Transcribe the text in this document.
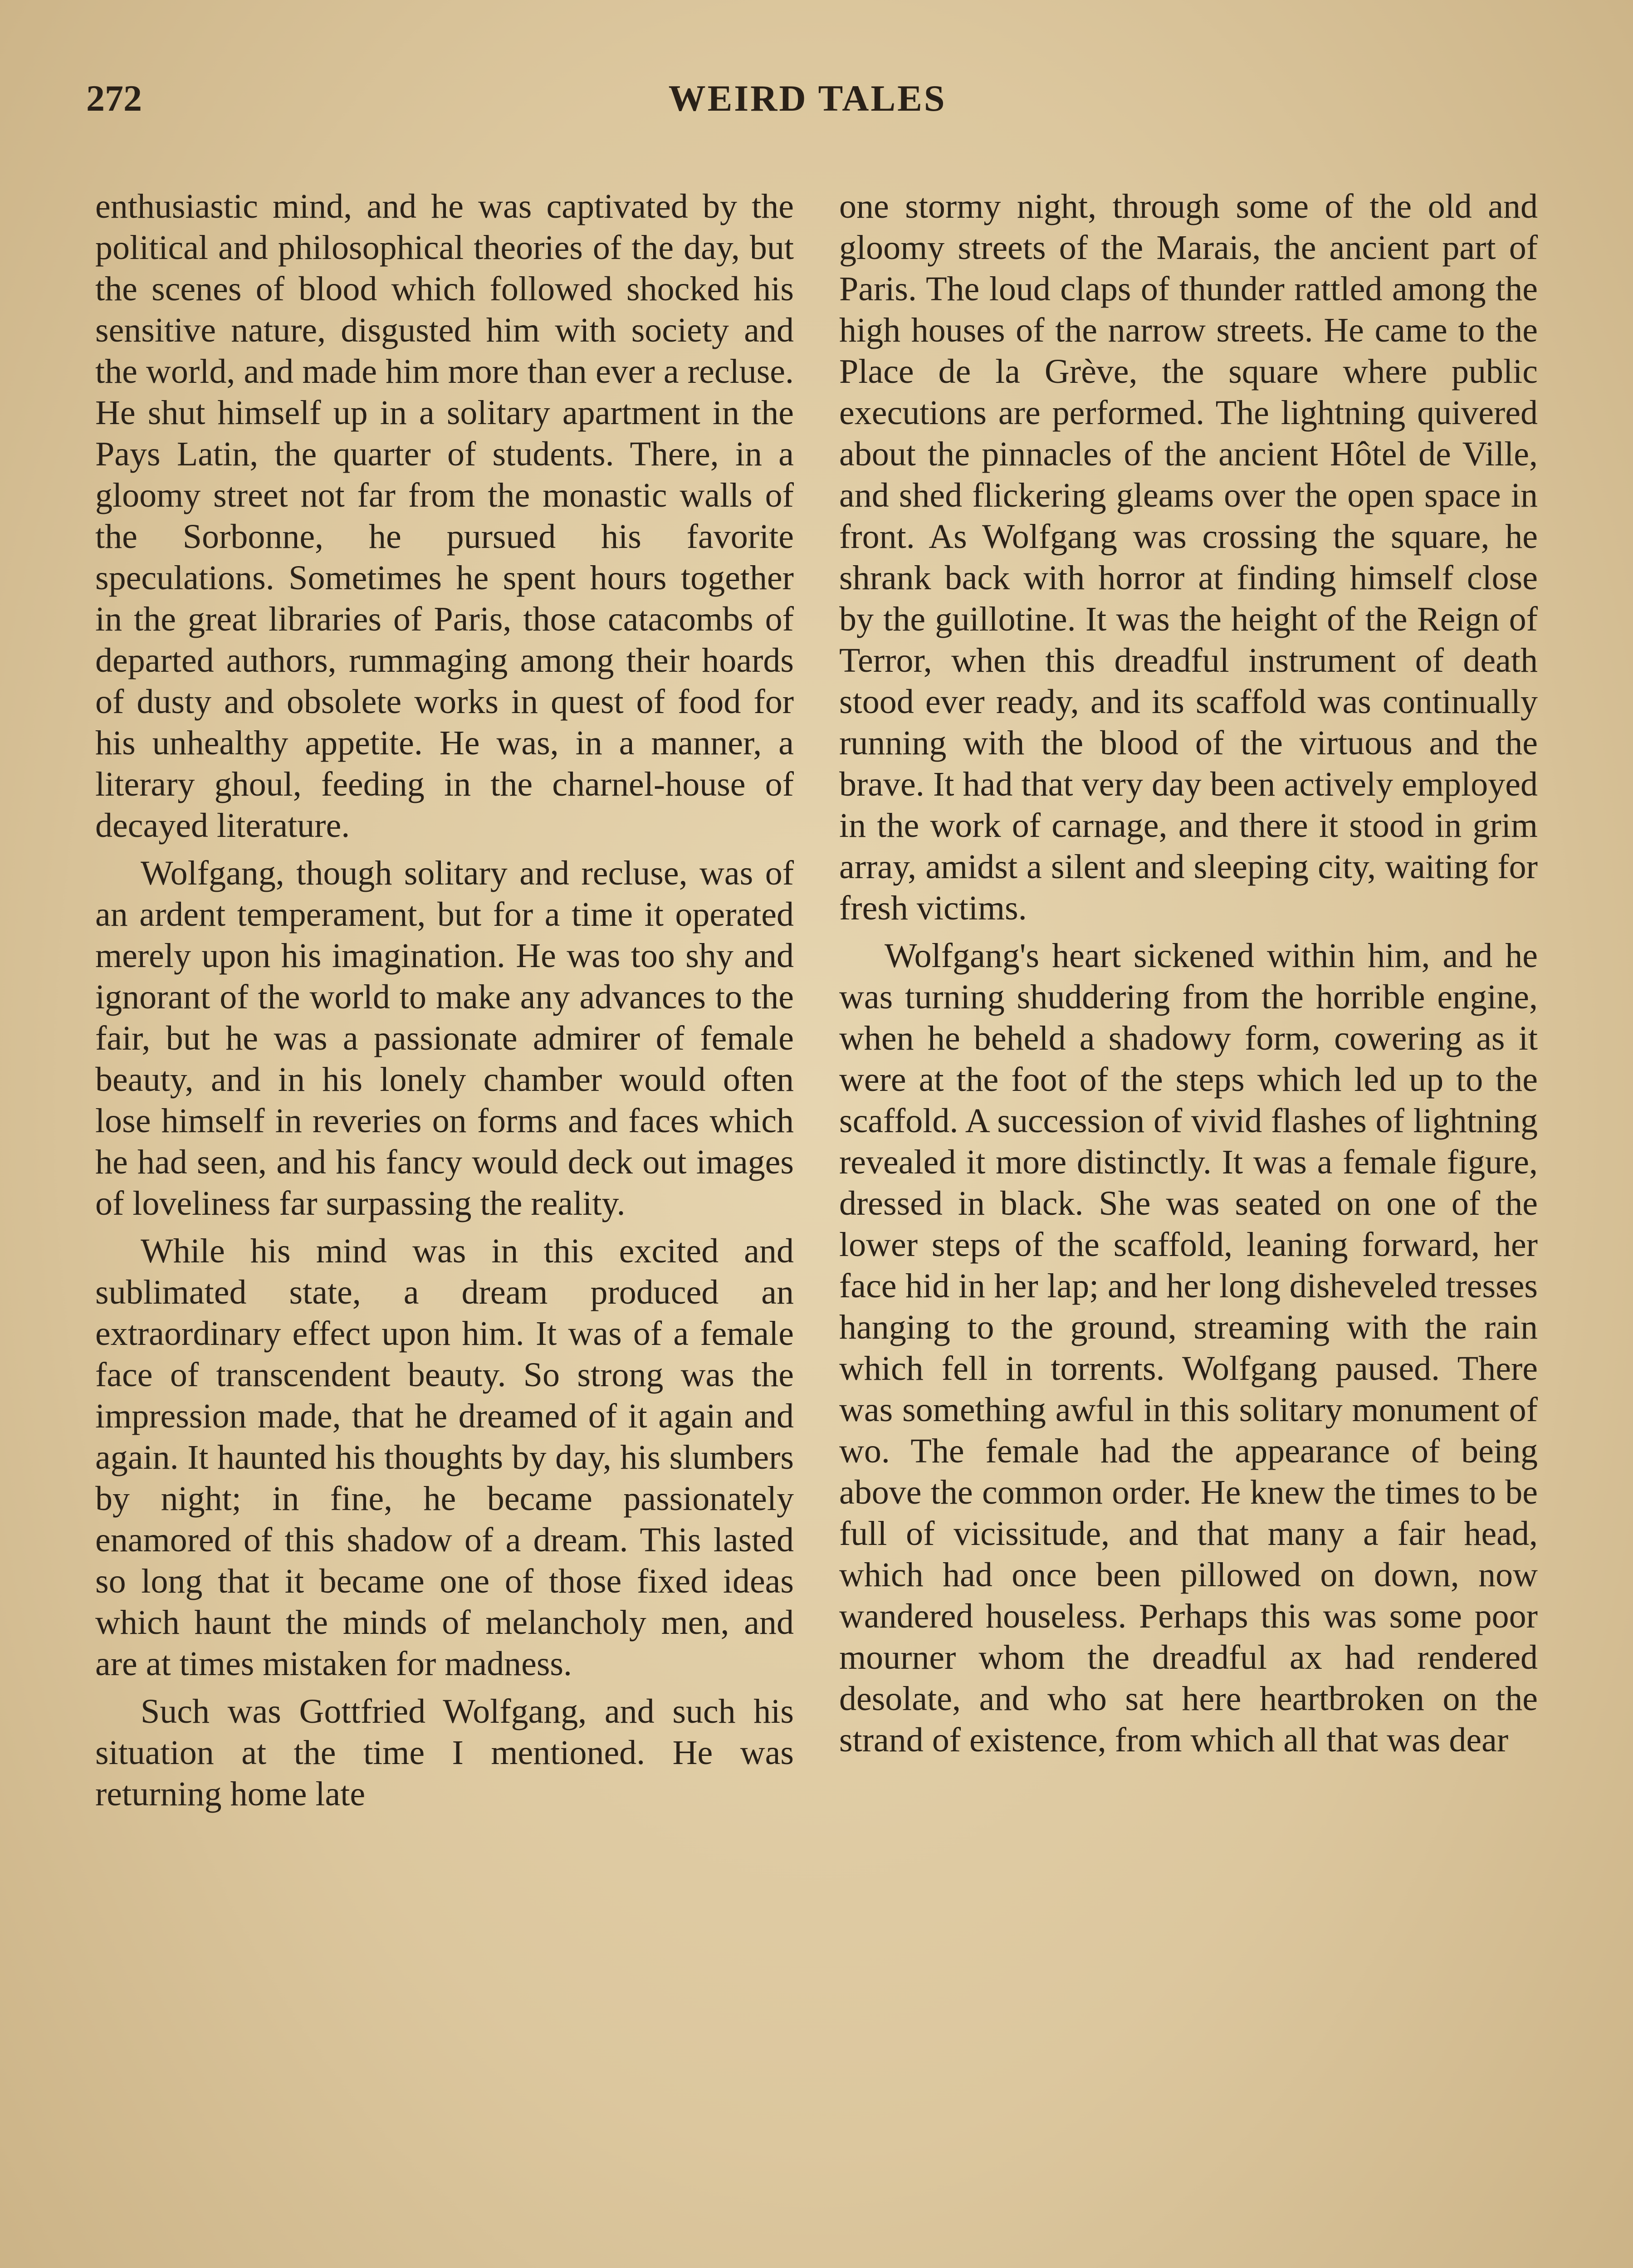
272	WEIRD TALES

enthusiastic mind, and he was captivated by the political and philosophical theories of the day, but the scenes of blood which followed shocked his sensitive nature, disgusted him with society and the world, and made him more than ever a recluse. He shut himself up in a solitary apartment in the Pays Latin, the quarter of students. There, in a gloomy street not far from the monastic walls of the Sorbonne, he pursued his favorite speculations. Sometimes he spent hours together in the great libraries of Paris, those catacombs of departed authors, rummaging among their hoards of dusty and obsolete works in quest of food for his unhealthy appetite. He was, in a manner, a literary ghoul, feeding in the charnel-house of decayed literature.

Wolfgang, though solitary and recluse, was of an ardent temperament, but for a time it operated merely upon his imagination. He was too shy and ignorant of the world to make any advances to the fair, but he was a passionate admirer of female beauty, and in his lonely chamber would often lose himself in reveries on forms and faces which he had seen, and his fancy would deck out images of loveliness far surpassing the reality.

While his mind was in this excited and sublimated state, a dream produced an extraordinary effect upon him. It was of a female face of transcendent beauty. So strong was the impression made, that he dreamed of it again and again. It haunted his thoughts by day, his slumbers by night; in fine, he became passionately enamored of this shadow of a dream. This lasted so long that it became one of those fixed ideas which haunt the minds of melancholy men, and are at times mistaken for madness.

Such was Gottfried Wolfgang, and such his situation at the time I mentioned. He was returning home late

one stormy night, through some of the old and gloomy streets of the Marais, the ancient part of Paris. The loud claps of thunder rattled among the high houses of the narrow streets. He came to the Place de la Grève, the square where public executions are performed. The lightning quivered about the pinnacles of the ancient Hôtel de Ville, and shed flickering gleams over the open space in front. As Wolfgang was crossing the square, he shrank back with horror at finding himself close by the guillotine. It was the height of the Reign of Terror, when this dreadful instrument of death stood ever ready, and its scaffold was continually running with the blood of the virtuous and the brave. It had that very day been actively employed in the work of carnage, and there it stood in grim array, amidst a silent and sleeping city, waiting for fresh victims.

Wolfgang's heart sickened within him, and he was turning shuddering from the horrible engine, when he beheld a shadowy form, cowering as it were at the foot of the steps which led up to the scaffold. A succession of vivid flashes of lightning revealed it more distinctly. It was a female figure, dressed in black. She was seated on one of the lower steps of the scaffold, leaning forward, her face hid in her lap; and her long disheveled tresses hanging to the ground, streaming with the rain which fell in torrents. Wolfgang paused. There was something awful in this solitary monument of wo. The female had the appearance of being above the common order. He knew the times to be full of vicissitude, and that many a fair head, which had once been pillowed on down, now wandered houseless. Perhaps this was some poor mourner whom the dreadful ax had rendered desolate, and who sat here heartbroken on the strand of existence, from which all that was dear
